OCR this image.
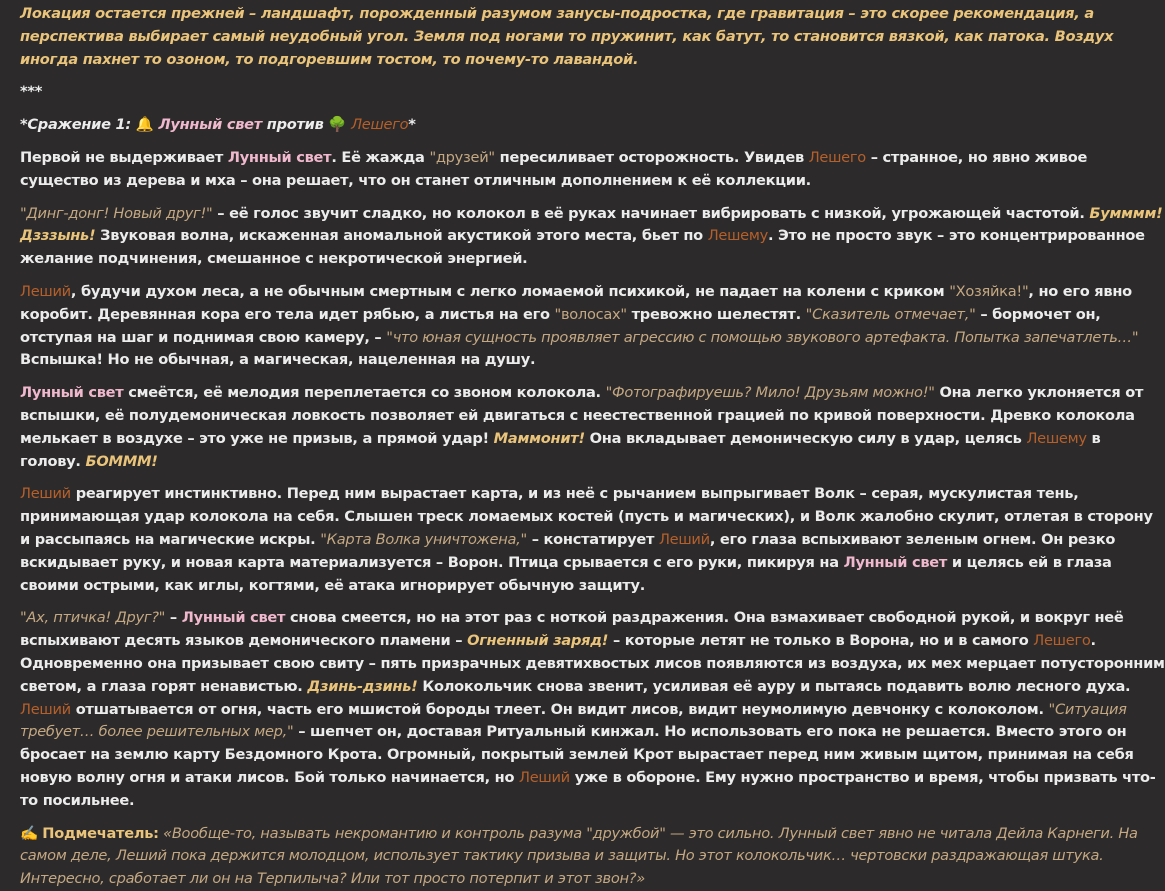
Локация остается прежней – ландшафт, порожденный разумом занусы-подростка, где гравитация – это скорее рекомендация, а перспектива выбирает самый неудобный угол. Земля под ногами то пружинит, как батут, то становится вязкой, как патока. Воздух иногда пахнет то озоном, то подгоревшим тостом, то почему-то лавандой.

***

*Сражение 1: 🔔 Лунный свет против 🌳 Лешего*

Первой не выдерживает Лунный свет. Её жажда "друзей" пересиливает осторожность. Увидев Лешего – странное, но явно живое существо из дерева и мха – она решает, что он станет отличным дополнением к её коллекции.

"Динг-донг! Новый друг!" – её голос звучит сладко, но колокол в её руках начинает вибрировать с низкой, угрожающей частотой. Бумммм! Дзззынь! Звуковая волна, искаженная аномальной акустикой этого места, бьет по Лешему. Это не просто звук – это концентрированное желание подчинения, смешанное с некротической энергией.

Леший, будучи духом леса, а не обычным смертным с легко ломаемой психикой, не падает на колени с криком "Хозяйка!", но его явно коробит. Деревянная кора его тела идет рябью, а листья на его "волосах" тревожно шелестят. "Сказитель отмечает," – бормочет он, отступая на шаг и поднимая свою камеру, – "что юная сущность проявляет агрессию с помощью звукового артефакта. Попытка запечатлеть…" Вспышка! Но не обычная, а магическая, нацеленная на душу.

Лунный свет смеётся, её мелодия переплетается со звоном колокола. "Фотографируешь? Мило! Друзьям можно!" Она легко уклоняется от вспышки, её полудемоническая ловкость позволяет ей двигаться с неестественной грацией по кривой поверхности. Древко колокола мелькает в воздухе – это уже не призыв, а прямой удар! Маммонит! Она вкладывает демоническую силу в удар, целясь Лешему в голову. БОММM!

Леший реагирует инстинктивно. Перед ним вырастает карта, и из неё с рычанием выпрыгивает Волк – серая, мускулистая тень, принимающая удар колокола на себя. Слышен треск ломаемых костей (пусть и магических), и Волк жалобно скулит, отлетая в сторону и рассыпаясь на магические искры. "Карта Волка уничтожена," – констатирует Леший, его глаза вспыхивают зеленым огнем. Он резко вскидывает руку, и новая карта материализуется – Ворон. Птица срывается с его руки, пикируя на Лунный свет и целясь ей в глаза своими острыми, как иглы, когтями, её атака игнорирует обычную защиту.

"Ах, птичка! Друг?" – Лунный свет снова смеется, но на этот раз с ноткой раздражения. Она взмахивает свободной рукой, и вокруг неё вспыхивают десять языков демонического пламени – Огненный заряд! – которые летят не только в Ворона, но и в самого Лешего. Одновременно она призывает свою свиту – пять призрачных девятихвостых лисов появляются из воздуха, их мех мерцает потусторонним светом, а глаза горят ненавистью. Дзинь-дзинь! Колокольчик снова звенит, усиливая её ауру и пытаясь подавить волю лесного духа. Леший отшатывается от огня, часть его мшистой бороды тлеет. Он видит лисов, видит неумолимую девчонку с колоколом. "Ситуация требует… более решительных мер," – шепчет он, доставая Ритуальный кинжал. Но использовать его пока не решается. Вместо этого он бросает на землю карту Бездомного Крота. Огромный, покрытый землей Крот вырастает перед ним живым щитом, принимая на себя новую волну огня и атаки лисов. Бой только начинается, но Леший уже в обороне. Ему нужно пространство и время, чтобы призвать что-то посильнее.

✍️ Подмечатель: «Вообще-то, называть некромантию и контроль разума "дружбой" — это сильно. Лунный свет явно не читала Дейла Карнеги. На самом деле, Леший пока держится молодцом, использует тактику призыва и защиты. Но этот колокольчик… чертовски раздражающая штука. Интересно, сработает ли он на Терпилыча? Или тот просто потерпит и этот звон?»
